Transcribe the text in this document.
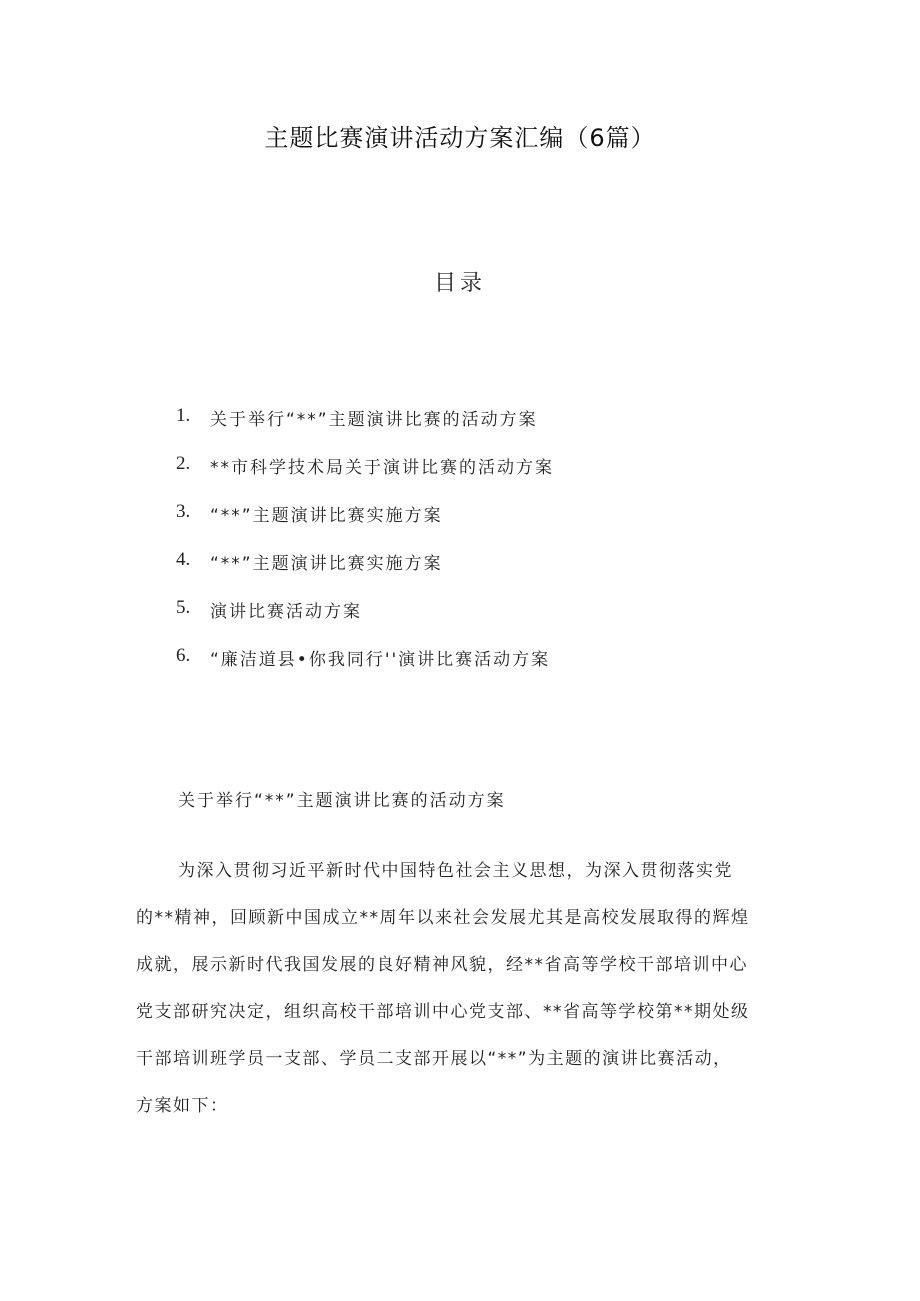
主题比赛演讲活动方案汇编（6篇）
目录
1.	关于举行“**”主题演讲比赛的活动方案
2.	**市科学技术局关于演讲比赛的活动方案
3.	“**”主题演讲比赛实施方案
4.	“**”主题演讲比赛实施方案
5.	演讲比赛活动方案
6.	“廉洁道县•你我同行''演讲比赛活动方案
关于举行“**”主题演讲比赛的活动方案

为深入贯彻习近平新时代中国特色社会主义思想，为深入贯彻落实党
的**精神，回顾新中国成立**周年以来社会发展尤其是高校发展取得的辉煌
成就，展示新时代我国发展的良好精神风貌，经**省高等学校干部培训中心
党支部研究决定，组织高校干部培训中心党支部、**省高等学校第**期处级
干部培训班学员一支部、学员二支部开展以“**”为主题的演讲比赛活动，
方案如下：
